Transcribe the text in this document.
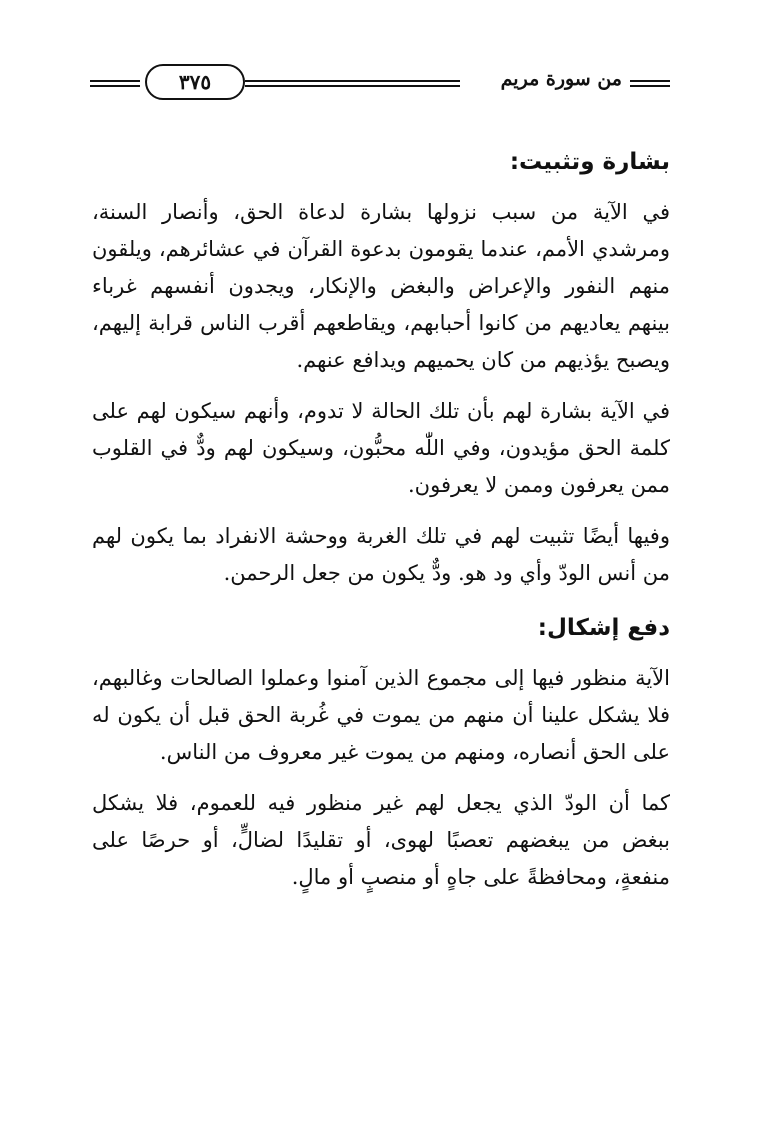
٣٧٥	من سورة مريم
بشارة وتثبيت:

في الآية من سبب نزولها بشارة لدعاة الحق، وأنصار السنة، ومرشدي الأمم، عندما يقومون بدعوة القرآن في عشائرهم، ويلقون منهم النفور والإعراض والبغض والإنكار، ويجدون أنفسهم غرباء بينهم يعاديهم من كانوا أحبابهم، ويقاطعهم أقرب الناس قرابة إليهم، ويصبح يؤذيهم من كان يحميهم ويدافع عنهم.

في الآية بشارة لهم بأن تلك الحالة لا تدوم، وأنهم سيكون لهم على كلمة الحق مؤيدون، وفي اللّٰه محبُّون، وسيكون لهم ودٌّ في القلوب ممن يعرفون وممن لا يعرفون.

وفيها أيضًا تثبيت لهم في تلك الغربة ووحشة الانفراد بما يكون لهم من أنس الودّ وأي ود هو. ودٌّ يكون من جعل الرحمن.

دفع إشكال:

الآية منظور فيها إلى مجموع الذين آمنوا وعملوا الصالحات وغالبهم، فلا يشكل علينا أن منهم من يموت في غُربة الحق قبل أن يكون له على الحق أنصاره، ومنهم من يموت غير معروف من الناس.

كما أن الودّ الذي يجعل لهم غير منظور فيه للعموم، فلا يشكل ببغض من يبغضهم تعصبًا لهوى، أو تقليدًا لضالٍّ، أو حرصًا على منفعةٍ، ومحافظةً على جاهٍ أو منصبٍ أو مالٍ.
